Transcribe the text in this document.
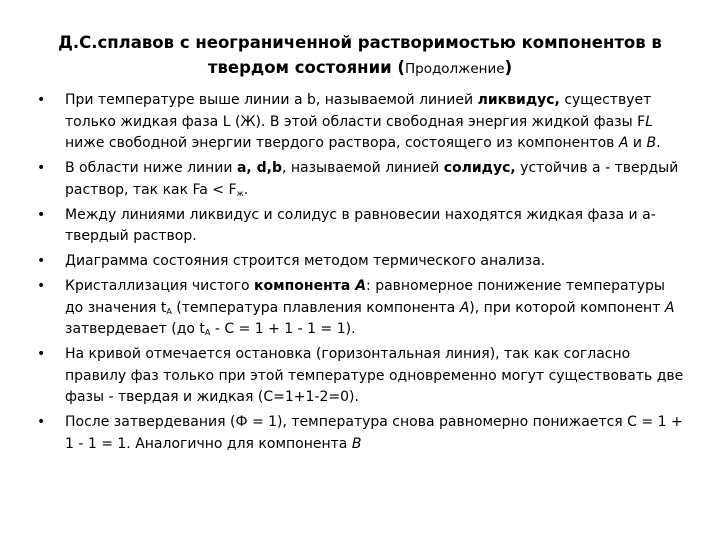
Д.С.сплавов с неограниченной растворимостью компонентов в твердом состоянии (Продолжение)
• При температуре выше линии a b, называемой линией ликвидус, существует только жидкая фаза L (Ж). В этой области свободная энергия жидкой фазы FL ниже свободной энергии твердого раствора, состоящего из компонентов А и В.
• В области ниже линии a, d,b, называемой линией солидус, устойчив a - твердый раствор, так как $Fa < F_ж$.
• Между линиями ликвидус и солидус в равновесии находятся жидкая фаза и a-твердый раствор.
• Диаграмма состояния строится методом термического анализа.
• Кристаллизация чистого компонента А: равномерное понижение температуры до значения $t_A$ (температура плавления компонента А), при которой компонент А затвердевает (до $t_A - С = 1 + 1 - 1 = 1$).
• На кривой отмечается остановка (горизонтальная линия), так как согласно правилу фаз только при этой температуре одновременно могут существовать две фазы - твердая и жидкая (С=1+1-2=0).
• После затвердевания (Ф = 1), температура снова равномерно понижается С = 1 + 1 - 1 = 1. Аналогично для компонента В
